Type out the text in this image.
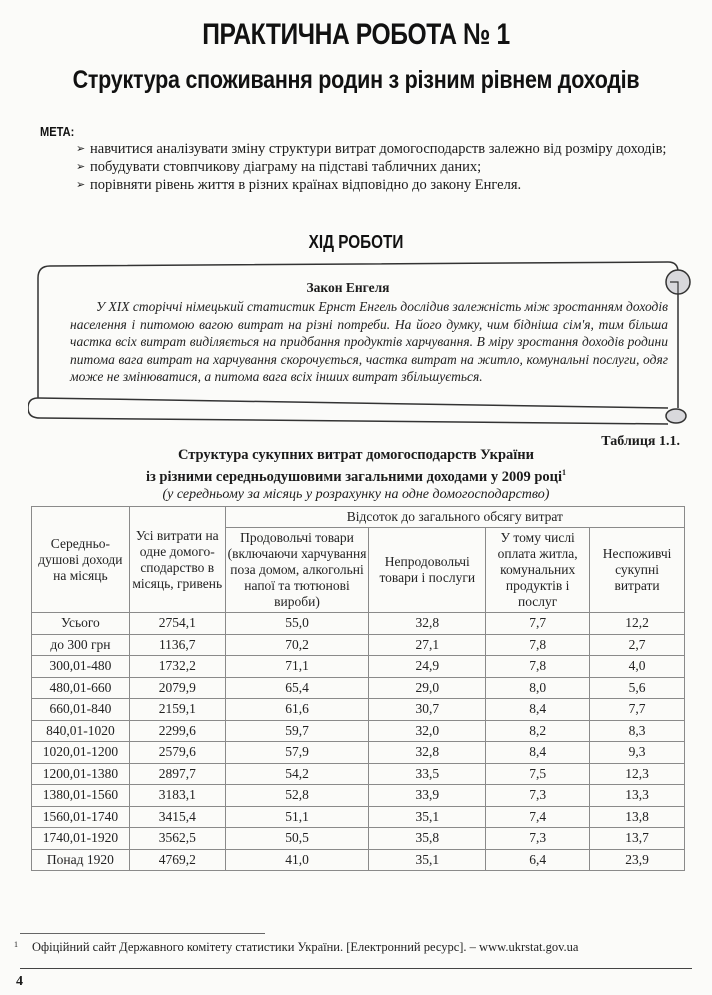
ПРАКТИЧНА РОБОТА № 1
Структура споживання родин з різним рівнем доходів
МЕТА:
➢ навчитися аналізувати зміну структури витрат домогосподарств залежно від розміру доходів;
➢ побудувати стовпчикову діаграму на підставі табличних даних;
➢ порівняти рівень життя в різних країнах відповідно до закону Енгеля.
ХІД РОБОТИ
Закон Енгеля
У XIX сторіччі німецький статистик Ернст Енгель дослідив залежність між зростанням доходів населення і питомою вагою витрат на різні потреби. На його думку, чим бідніша сім'я, тим більша частка всіх витрат виділяється на придбання продуктів харчування. В міру зростання доходів родини питома вага витрат на харчування скорочується, частка витрат на житло, комунальні послуги, одяг може не змінюватися, а питома вага всіх інших витрат збільшується.
Таблиця 1.1.
Структура сукупних витрат домогосподарств України
із різними середньодушовими загальними доходами у 2009 році$^1$
(у середньому за місяць у розрахунку на одне домогосподарство)
Середньо-душові доходи на місяць	Усі витрати на одне домого-сподарство в місяць, гривень	Відсоток до загального обсягу витрат			
		Продовольчі товари (включаючи харчування поза домом, алкогольні напої та тютюнові вироби)	Непродовольчі товари і послуги	У тому числі оплата житла, комунальних продуктів і послуг	Неспоживчі сукупні витрати
Усього	2754,1	55,0	32,8	7,7	12,2
до 300 грн	1136,7	70,2	27,1	7,8	2,7
300,01-480	1732,2	71,1	24,9	7,8	4,0
480,01-660	2079,9	65,4	29,0	8,0	5,6
660,01-840	2159,1	61,6	30,7	8,4	7,7
840,01-1020	2299,6	59,7	32,0	8,2	8,3
1020,01-1200	2579,6	57,9	32,8	8,4	9,3
1200,01-1380	2897,7	54,2	33,5	7,5	12,3
1380,01-1560	3183,1	52,8	33,9	7,3	13,3
1560,01-1740	3415,4	51,1	35,1	7,4	13,8
1740,01-1920	3562,5	50,5	35,8	7,3	13,7
Понад 1920	4769,2	41,0	35,1	6,4	23,9
$^1$ Офіційний сайт Державного комітету статистики України. [Електронний ресурс]. – www.ukrstat.gov.ua
4
